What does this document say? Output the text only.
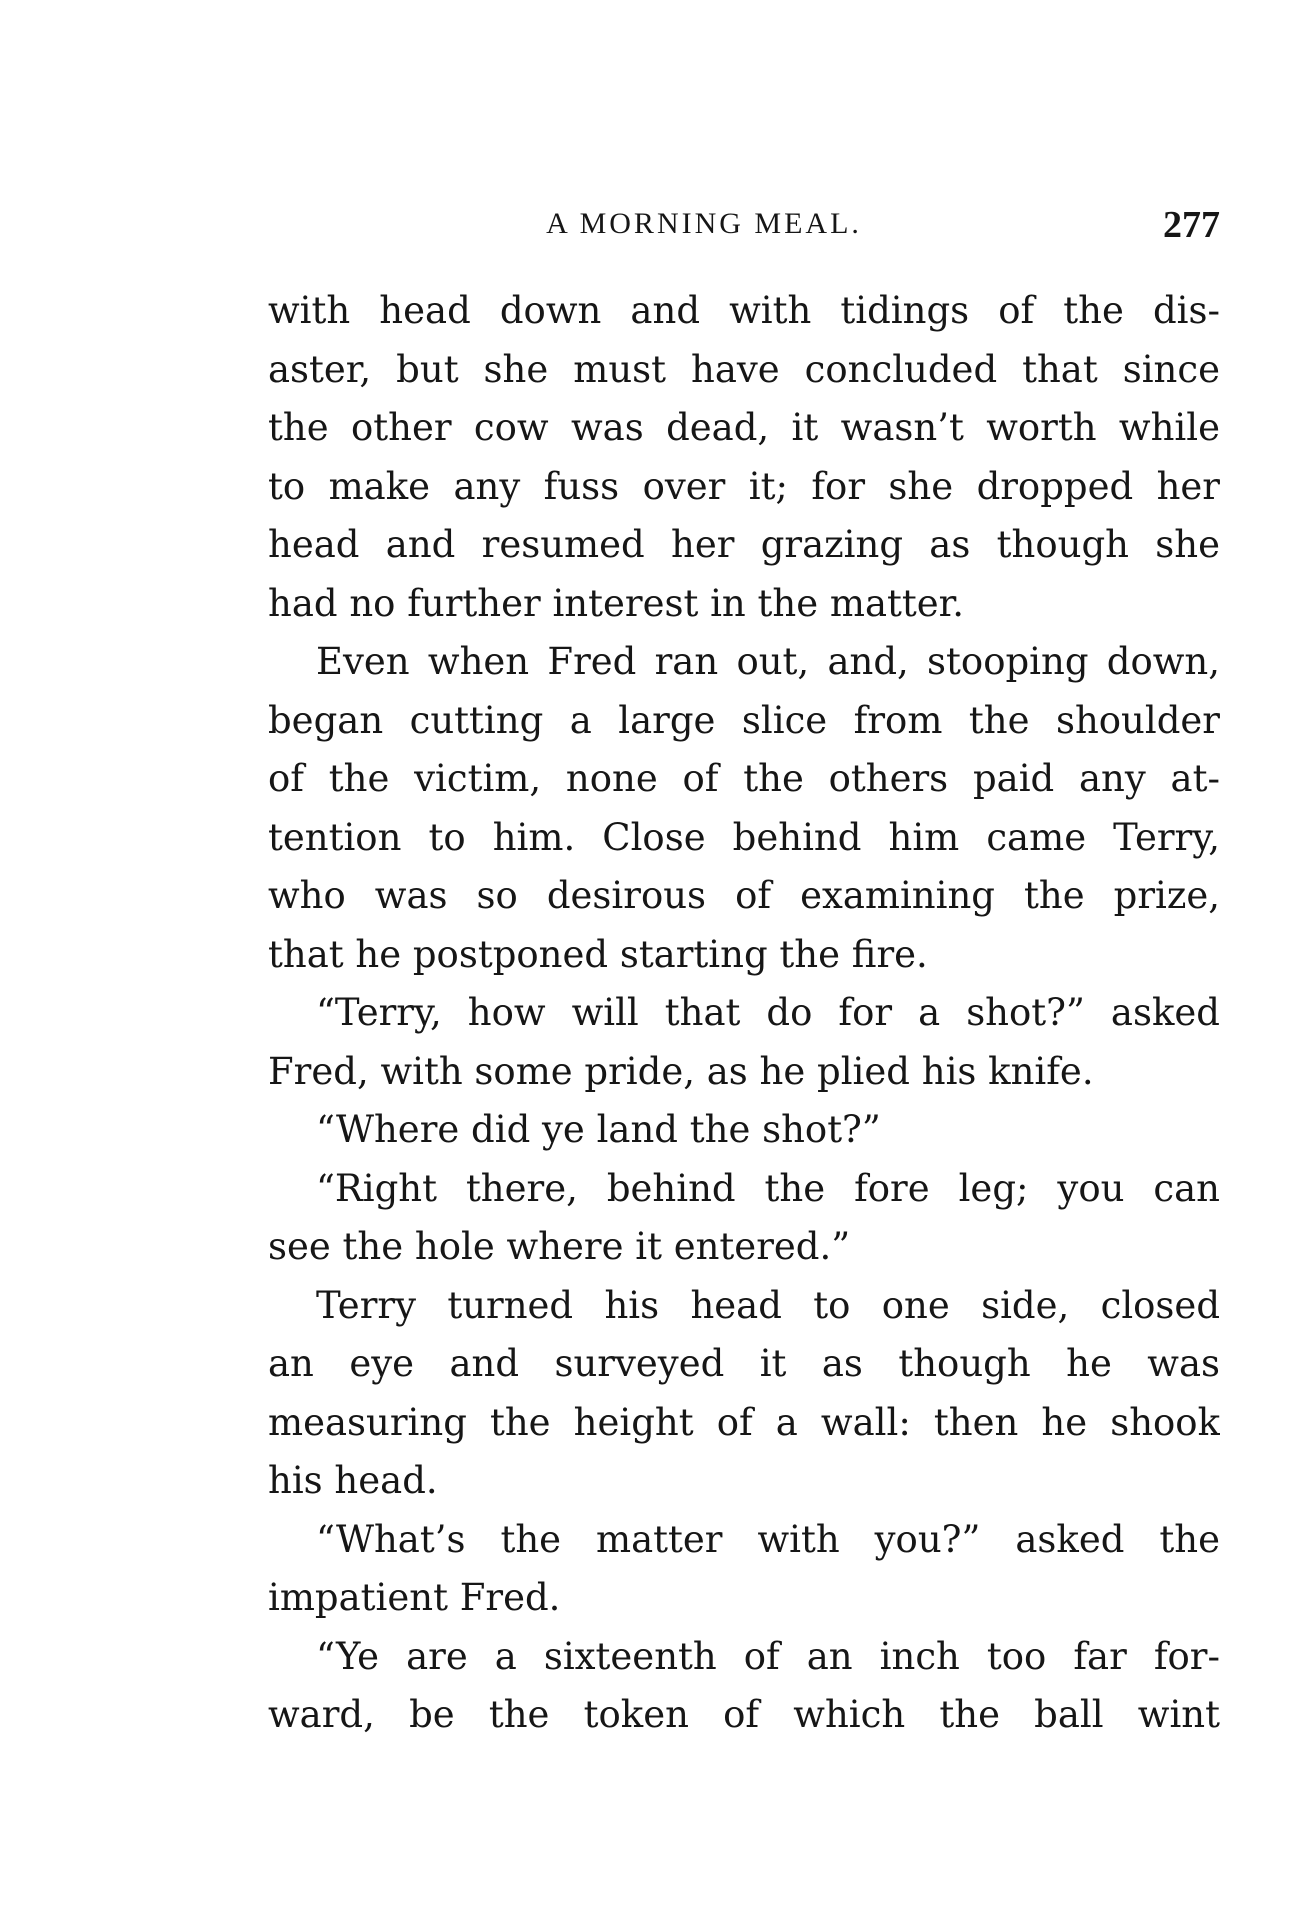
A MORNING MEAL.	277
with head down and with tidings of the dis-
aster, but she must have concluded that since
the other cow was dead, it wasn’t worth while
to make any fuss over it; for she dropped her
head and resumed her grazing as though she
had no further interest in the matter.
Even when Fred ran out, and, stooping down,
began cutting a large slice from the shoulder
of the victim, none of the others paid any at-
tention to him. Close behind him came Terry,
who was so desirous of examining the prize,
that he postponed starting the fire.
“Terry, how will that do for a shot?” asked
Fred, with some pride, as he plied his knife.
“Where did ye land the shot?”
“Right there, behind the fore leg; you can
see the hole where it entered.”
Terry turned his head to one side, closed
an eye and surveyed it as though he was
measuring the height of a wall: then he shook
his head.
“What’s the matter with you?” asked the
impatient Fred.
“Ye are a sixteenth of an inch too far for-
ward, be the token of which the ball wint
